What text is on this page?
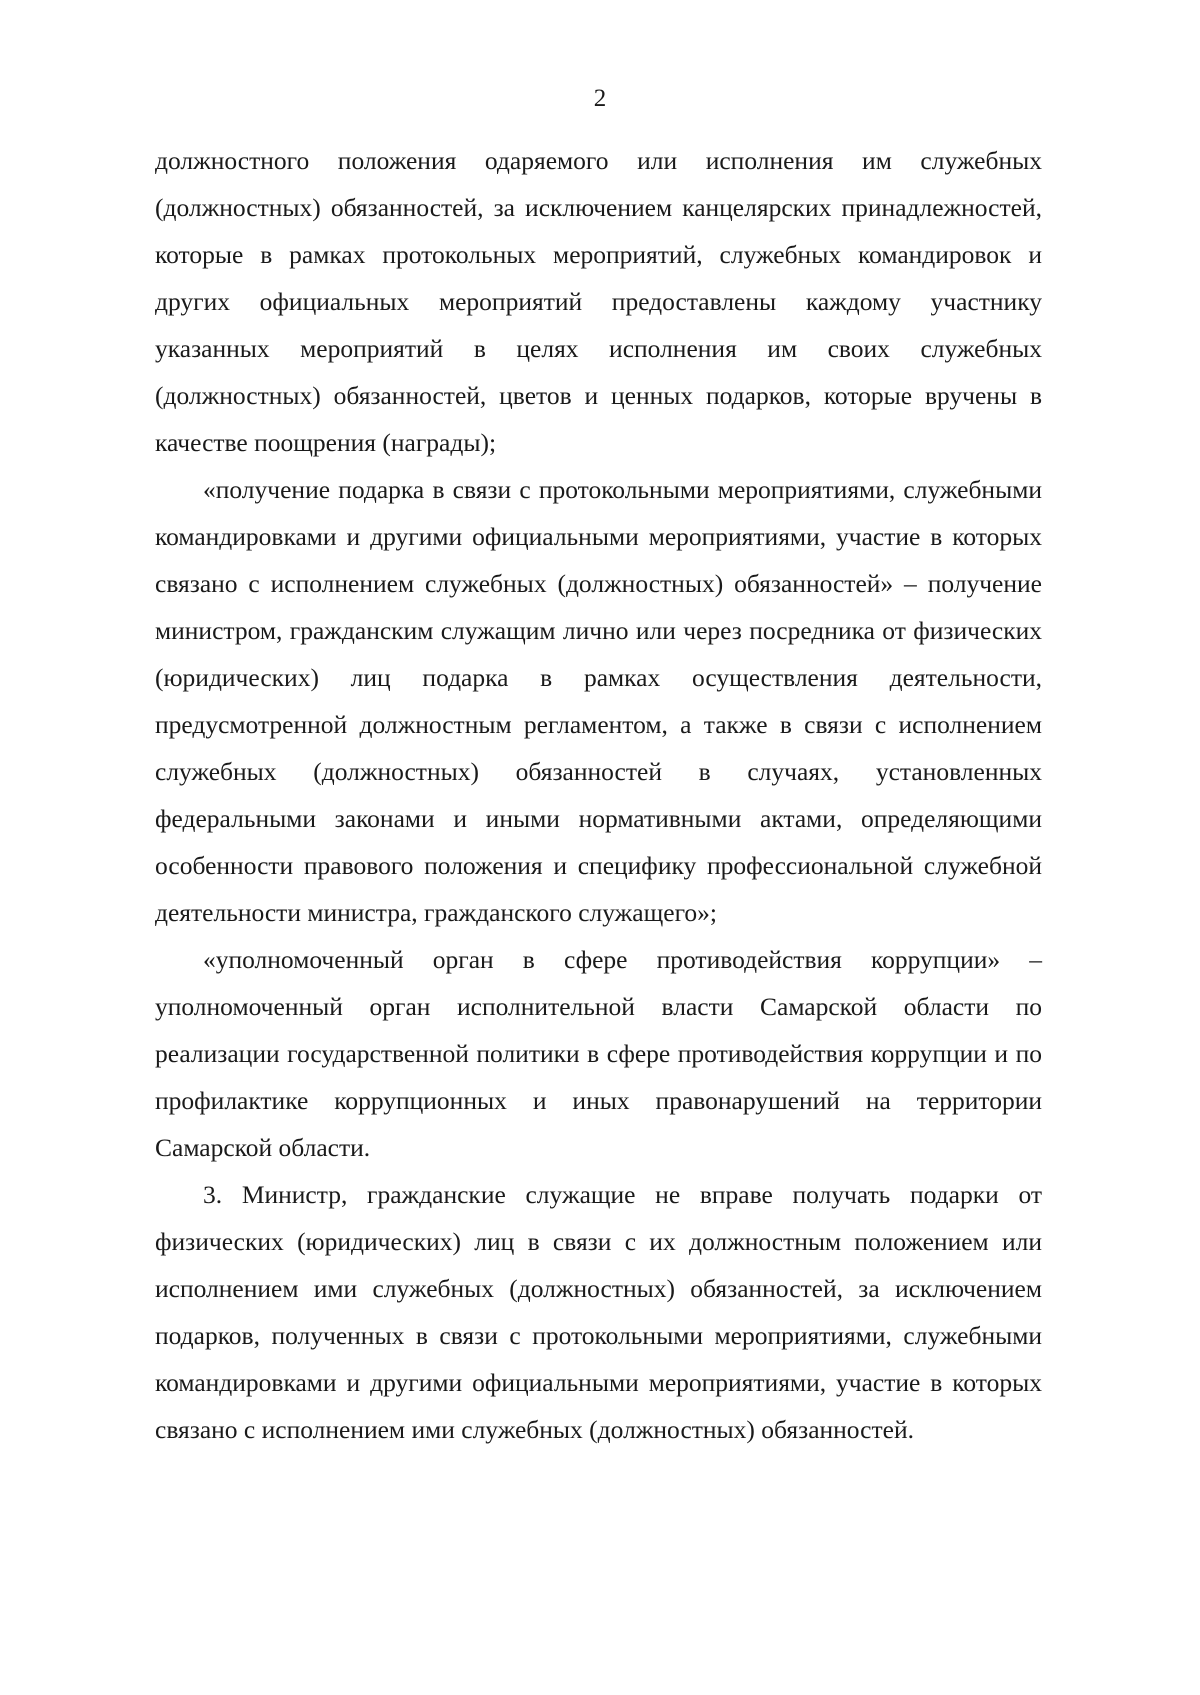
2

должностного положения одаряемого или исполнения им служебных (должностных) обязанностей, за исключением канцелярских принадлежностей, которые в рамках протокольных мероприятий, служебных командировок и других официальных мероприятий предоставлены каждому участнику указанных мероприятий в целях исполнения им своих служебных (должностных) обязанностей, цветов и ценных подарков, которые вручены в качестве поощрения (награды);

«получение подарка в связи с протокольными мероприятиями, служебными командировками и другими официальными мероприятиями, участие в которых связано с исполнением служебных (должностных) обязанностей» – получение министром, гражданским служащим лично или через посредника от физических (юридических) лиц подарка в рамках осуществления деятельности, предусмотренной должностным регламентом, а также в связи с исполнением служебных (должностных) обязанностей в случаях, установленных федеральными законами и иными нормативными актами, определяющими особенности правового положения и специфику профессиональной служебной деятельности министра, гражданского служащего»;

«уполномоченный орган в сфере противодействия коррупции» – уполномоченный орган исполнительной власти Самарской области по реализации государственной политики в сфере противодействия коррупции и по профилактике коррупционных и иных правонарушений на территории Самарской области.

3. Министр, гражданские служащие не вправе получать подарки от физических (юридических) лиц в связи с их должностным положением или исполнением ими служебных (должностных) обязанностей, за исключением подарков, полученных в связи с протокольными мероприятиями, служебными командировками и другими официальными мероприятиями, участие в которых связано с исполнением ими служебных (должностных) обязанностей.
